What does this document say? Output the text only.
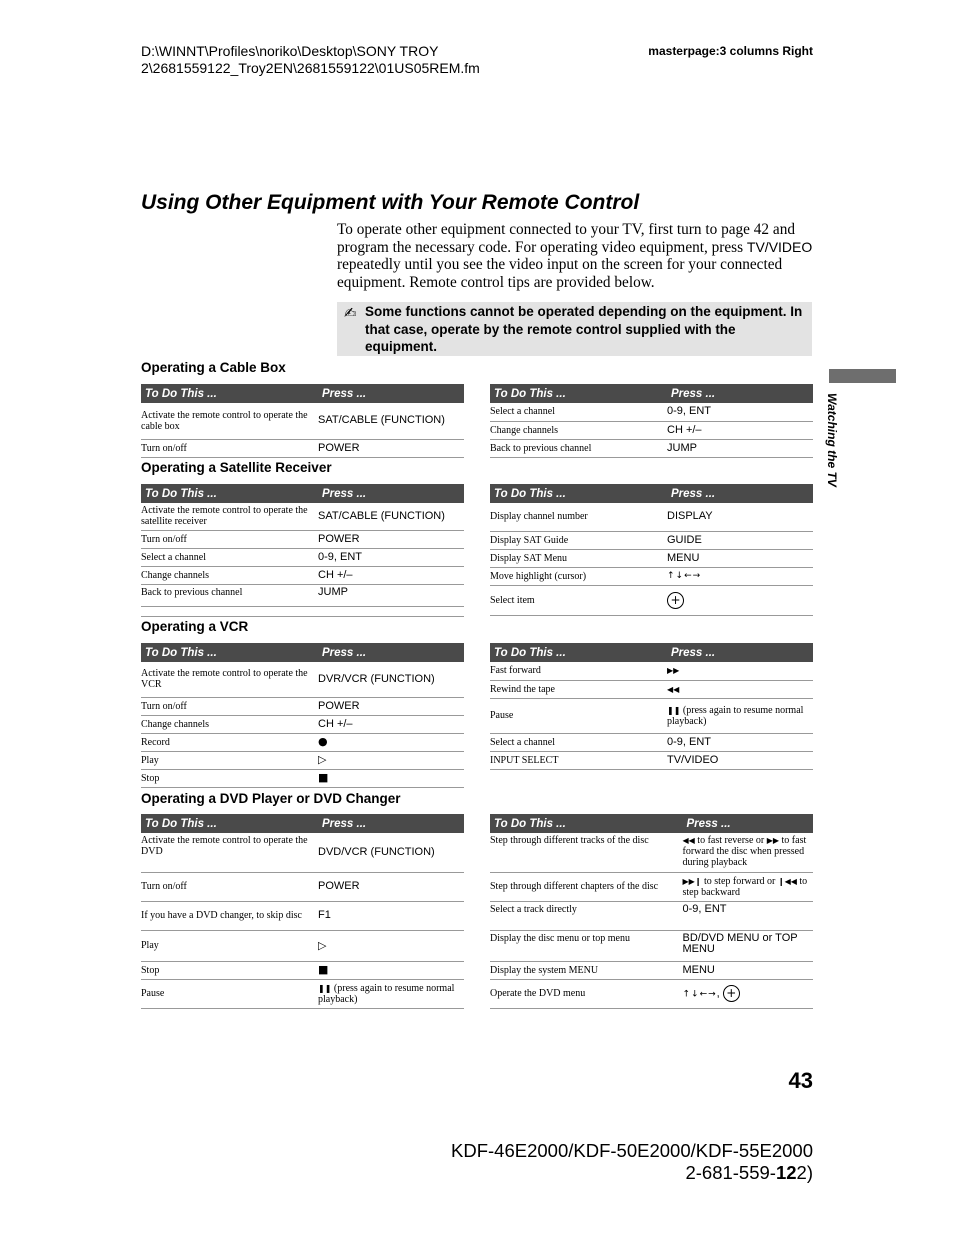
D:\WINNT\Profiles\noriko\Desktop\SONY TROY
2\2681559122_Troy2EN\2681559122\01US05REM.fm
masterpage:3 columns Right
Using Other Equipment with Your Remote Control
To operate other equipment connected to your TV, first turn to page 42 and program the necessary code. For operating video equipment, press TV/VIDEO repeatedly until you see the video input on the screen for your connected equipment. Remote control tips are provided below.
✍ Some functions cannot be operated depending on the equipment. In that case, operate by the remote control supplied with the equipment.
Watching the TV
Operating a Cable Box
To Do This ...	Press ...
Activate the remote control to operate the cable box	SAT/CABLE (FUNCTION)
Turn on/off	POWER
To Do This ...	Press ...
Select a channel	0-9, ENT
Change channels	CH +/–
Back to previous channel	JUMP
Operating a Satellite Receiver
To Do This ...	Press ...
Activate the remote control to operate the satellite receiver	SAT/CABLE (FUNCTION)
Turn on/off	POWER
Select a channel	0-9, ENT
Change channels	CH +/–
Back to previous channel	JUMP

To Do This ...	Press ...
Display channel number	DISPLAY
Display SAT Guide	GUIDE
Display SAT Menu	MENU
Move highlight (cursor)	↑↓←→
Select item	+
Operating a VCR
To Do This ...	Press ...
Activate the remote control to operate the VCR	DVR/VCR (FUNCTION)
Turn on/off	POWER
Change channels	CH +/–
Record	●
Play	▷
Stop	■
To Do This ...	Press ...
Fast forward	▶▶
Rewind the tape	◀◀
Pause	❚❚ (press again to resume normal playback)
Select a channel	0-9, ENT
INPUT SELECT	TV/VIDEO
Operating a DVD Player or DVD Changer
To Do This ...	Press ...
Activate the remote control to operate the DVD	DVD/VCR (FUNCTION)
Turn on/off	POWER
If you have a DVD changer, to skip disc	F1
Play	▷
Stop	■
Pause	❚❚ (press again to resume normal playback)
To Do This ...	Press ...
Step through different tracks of the disc	◀◀ to fast reverse or ▶▶ to fast forward the disc when pressed during playback
Step through different chapters of the disc	▶▶❙ to step forward or ❙◀◀ to step backward
Select a track directly	0-9, ENT
Display the disc menu or top menu	BD/DVD MENU or TOP MENU
Display the system MENU	MENU
Operate the DVD menu	↑↓←→, +
43
KDF-46E2000/KDF-50E2000/KDF-55E2000
2-681-559-122)
